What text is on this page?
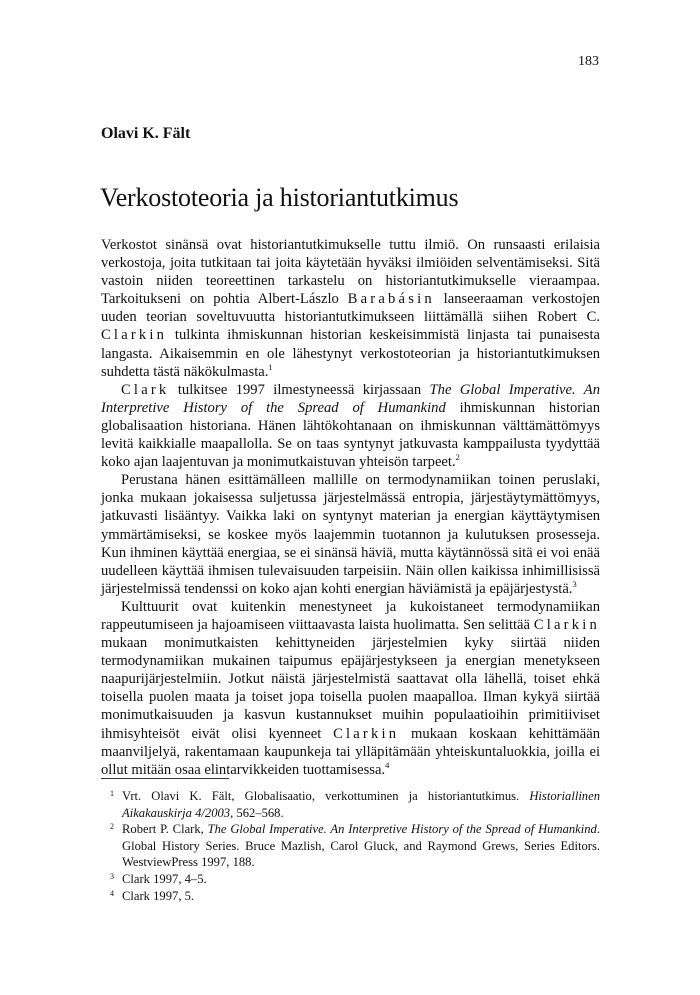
183
Olavi K. Fält
Verkostoteoria ja historiantutkimus

Verkostot sinänsä ovat historiantutkimukselle tuttu ilmiö. On runsaasti erilaisia verkostoja, joita tutkitaan tai joita käytetään hyväksi ilmiöiden selventämiseksi. Sitä vastoin niiden teoreettinen tarkastelu on historiantutkimukselle vieraampaa. Tarkoitukseni on pohtia Albert-Lászlo Barabásin lanseeraaman verkostojen uuden teorian soveltuvuutta historiantutkimukseen liittämällä siihen Robert C. Clarkin tulkinta ihmiskunnan historian keskeisimmistä linjasta tai punaisesta langasta. Aikaisemmin en ole lähestynyt verkostoteorian ja historiantutkimuksen suhdetta tästä näkökulmasta.$^1$

Clark tulkitsee 1997 ilmestyneessä kirjassaan The Global Imperative. An Interpretive History of the Spread of Humankind ihmiskunnan historian globalisaation historiana. Hänen lähtökohtanaan on ihmiskunnan välttämättömyys levitä kaikkialle maapallolla. Se on taas syntynyt jatkuvasta kamppailusta tyydyttää koko ajan laajentuvan ja monimutkaistuvan yhteisön tarpeet.$^2$

Perustana hänen esittämälleen mallille on termodynamiikan toinen peruslaki, jonka mukaan jokaisessa suljetussa järjestelmässä entropia, järjestäytymättömyys, jatkuvasti lisääntyy. Vaikka laki on syntynyt materian ja energian käyttäytymisen ymmärtämiseksi, se koskee myös laajemmin tuotannon ja kulutuksen prosesseja. Kun ihminen käyttää energiaa, se ei sinänsä häviä, mutta käytännössä sitä ei voi enää uudelleen käyttää ihmisen tulevaisuuden tarpeisiin. Näin ollen kaikissa inhimillisissä järjestelmissä tendenssi on koko ajan kohti energian häviämistä ja epäjärjestystä.$^3$

Kulttuurit ovat kuitenkin menestyneet ja kukoistaneet termodynamiikan rappeutumiseen ja hajoamiseen viittaavasta laista huolimatta. Sen selittää Clarkin mukaan monimutkaisten kehittyneiden järjestelmien kyky siirtää niiden termodynamiikan mukainen taipumus epäjärjestykseen ja energian menetykseen naapurijärjestelmiin. Jotkut näistä järjestelmistä saattavat olla lähellä, toiset ehkä toisella puolen maata ja toiset jopa toisella puolen maapalloa. Ilman kykyä siirtää monimutkaisuuden ja kasvun kustannukset muihin populaatioihin primitiiviset ihmisyhteisöt eivät olisi kyenneet Clarkin mukaan koskaan kehittämään maanviljelyä, rakentamaan kaupunkeja tai ylläpitämään yhteiskuntaluokkia, joilla ei ollut mitään osaa elintarvikkeiden tuottamisessa.$^4$

1 Vrt. Olavi K. Fält, Globalisaatio, verkottuminen ja historiantutkimus. Historiallinen Aikakauskirja 4/2003, 562–568.
2 Robert P. Clark, The Global Imperative. An Interpretive History of the Spread of Humankind. Global History Series. Bruce Mazlish, Carol Gluck, and Raymond Grews, Series Editors. WestviewPress 1997, 188.
3 Clark 1997, 4–5.
4 Clark 1997, 5.
